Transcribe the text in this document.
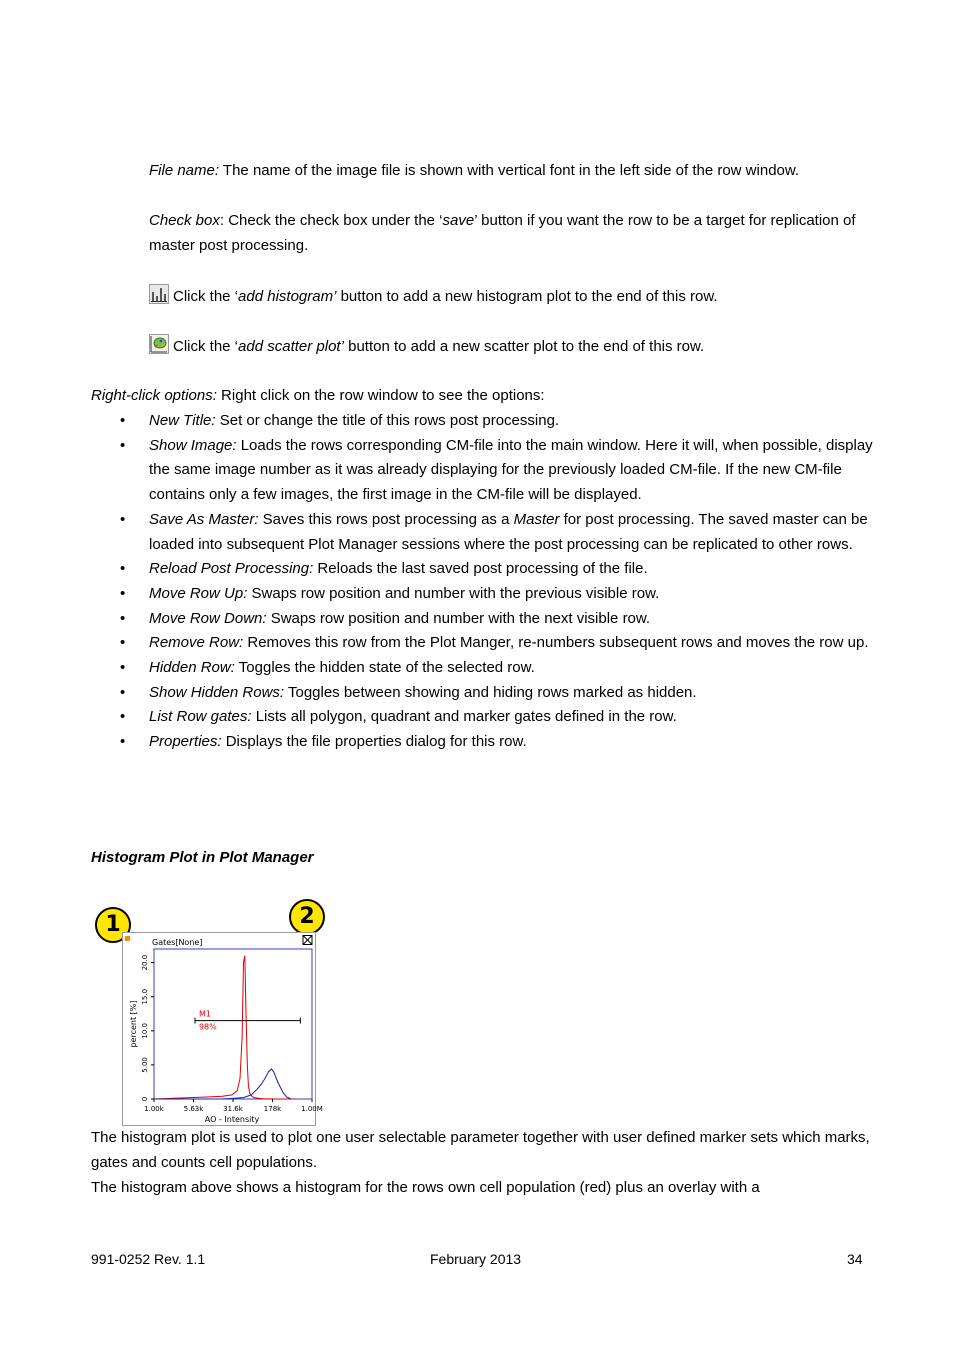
File name: The name of the image file is shown with vertical font in the left side of the row window.

Check box: Check the check box under the ‘save’ button if you want the row to be a target for replication of master post processing.

Click the ‘add histogram’ button to add a new histogram plot to the end of this row.

Click the ‘add scatter plot’ button to add a new scatter plot to the end of this row.

Right-click options: Right click on the row window to see the options:

• New Title: Set or change the title of this rows post processing.
• Show Image: Loads the rows corresponding CM-file into the main window. Here it will, when possible, display the same image number as it was already displaying for the previously loaded CM-file. If the new CM-file contains only a few images, the first image in the CM-file will be displayed.
• Save As Master: Saves this rows post processing as a Master for post processing. The saved master can be loaded into subsequent Plot Manager sessions where the post processing can be replicated to other rows.
• Reload Post Processing: Reloads the last saved post processing of the file.
• Move Row Up: Swaps row position and number with the previous visible row.
• Move Row Down: Swaps row position and number with the next visible row.
• Remove Row: Removes this row from the Plot Manger, re-numbers subsequent rows and moves the row up.
• Hidden Row: Toggles the hidden state of the selected row.
• Show Hidden Rows: Toggles between showing and hiding rows marked as hidden.
• List Row gates: Lists all polygon, quadrant and marker gates defined in the row.
• Properties: Displays the file properties dialog for this row.

Histogram Plot in Plot Manager

1	2
Gates[None]
0
5.00
10.0
15.0
20.0
1.00k	5.63k	31.6k	178k	1.00M
M1
98%
percent [%]
AO - Intensity

The histogram plot is used to plot one user selectable parameter together with user defined marker sets which marks, gates and counts cell populations.

The histogram above shows a histogram for the rows own cell population (red) plus an overlay with a

991-0252 Rev. 1.1	February 2013	34
